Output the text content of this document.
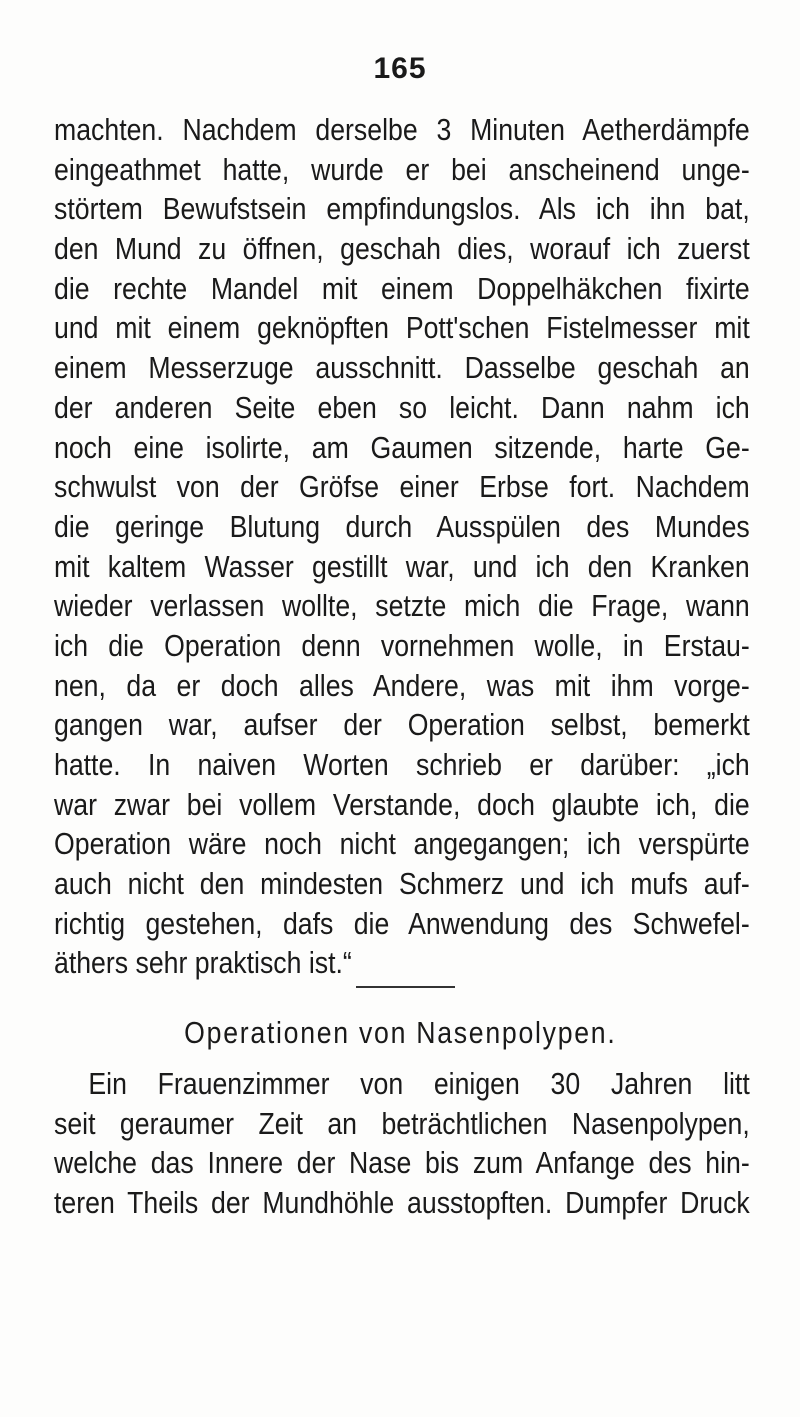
165
machten. Nachdem derselbe 3 Minuten Aetherdämpfe
eingeathmet hatte, wurde er bei anscheinend unge-
störtem Bewufstsein empfindungslos. Als ich ihn bat,
den Mund zu öffnen, geschah dies, worauf ich zuerst
die rechte Mandel mit einem Doppelhäkchen fixirte
und mit einem geknöpften Pott'schen Fistelmesser mit
einem Messerzuge ausschnitt. Dasselbe geschah an
der anderen Seite eben so leicht. Dann nahm ich
noch eine isolirte, am Gaumen sitzende, harte Ge-
schwulst von der Gröfse einer Erbse fort. Nachdem
die geringe Blutung durch Ausspülen des Mundes
mit kaltem Wasser gestillt war, und ich den Kranken
wieder verlassen wollte, setzte mich die Frage, wann
ich die Operation denn vornehmen wolle, in Erstau-
nen, da er doch alles Andere, was mit ihm vorge-
gangen war, aufser der Operation selbst, bemerkt
hatte. In naiven Worten schrieb er darüber: „ich
war zwar bei vollem Verstande, doch glaubte ich, die
Operation wäre noch nicht angegangen; ich verspürte
auch nicht den mindesten Schmerz und ich mufs auf-
richtig gestehen, dafs die Anwendung des Schwefel-
äthers sehr praktisch ist.“
Operationen von Nasenpolypen.
Ein Frauenzimmer von einigen 30 Jahren litt
seit geraumer Zeit an beträchtlichen Nasenpolypen,
welche das Innere der Nase bis zum Anfange des hin-
teren Theils der Mundhöhle ausstopften. Dumpfer Druck
